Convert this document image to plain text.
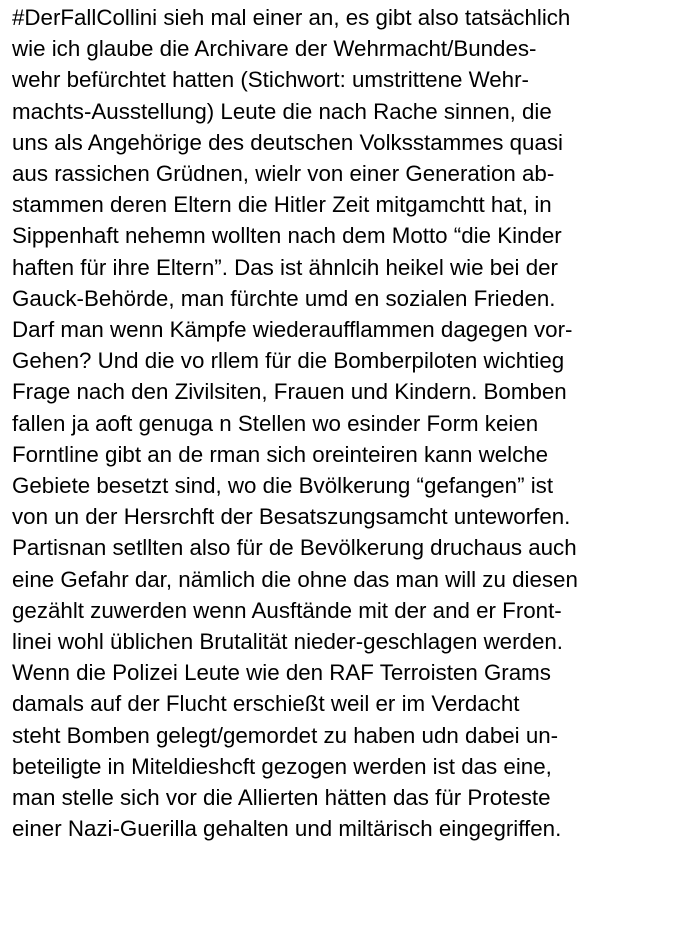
#DerFallCollini sieh mal einer an, es gibt also tatsächlich
wie ich glaube die Archivare der Wehrmacht/Bundes-
wehr befürchtet hatten (Stichwort: umstrittene Wehr-
machts-Ausstellung) Leute die nach Rache sinnen, die
uns als Angehörige des deutschen Volksstammes quasi
aus rassichen Grüdnen, wielr von einer Generation ab-
stammen deren Eltern die Hitler Zeit mitgamchtt hat, in
Sippenhaft nehemn wollten nach dem Motto “die Kinder
haften für ihre Eltern”. Das ist ähnlcih heikel wie bei der
Gauck-Behörde, man fürchte umd en sozialen Frieden.
Darf man wenn Kämpfe wiederaufflammen dagegen vor-
Gehen? Und die vo rllem für die Bomberpiloten wichtieg
Frage nach den Zivilsiten, Frauen und Kindern. Bomben
fallen ja aoft genuga n Stellen wo esinder Form keien
Forntline gibt an de rman sich oreinteiren kann welche
Gebiete besetzt sind, wo die Bvölkerung “gefangen” ist
von un der Hersrchft der Besatszungsamcht unteworfen.
Partisnan setllten also für de Bevölkerung druchaus auch
eine Gefahr dar, nämlich die ohne das man will zu diesen
gezählt zuwerden wenn Ausftände mit der and er Front-
linei wohl üblichen Brutalität nieder-geschlagen werden.
Wenn die Polizei Leute wie den RAF Terroisten Grams
damals auf der Flucht erschießt weil er im Verdacht
steht Bomben gelegt/gemordet zu haben udn dabei un-
beteiligte in Miteldieshcft gezogen werden ist das eine,
man stelle sich vor die Allierten hätten das für Proteste
einer Nazi-Guerilla gehalten und miltärisch eingegriffen.
